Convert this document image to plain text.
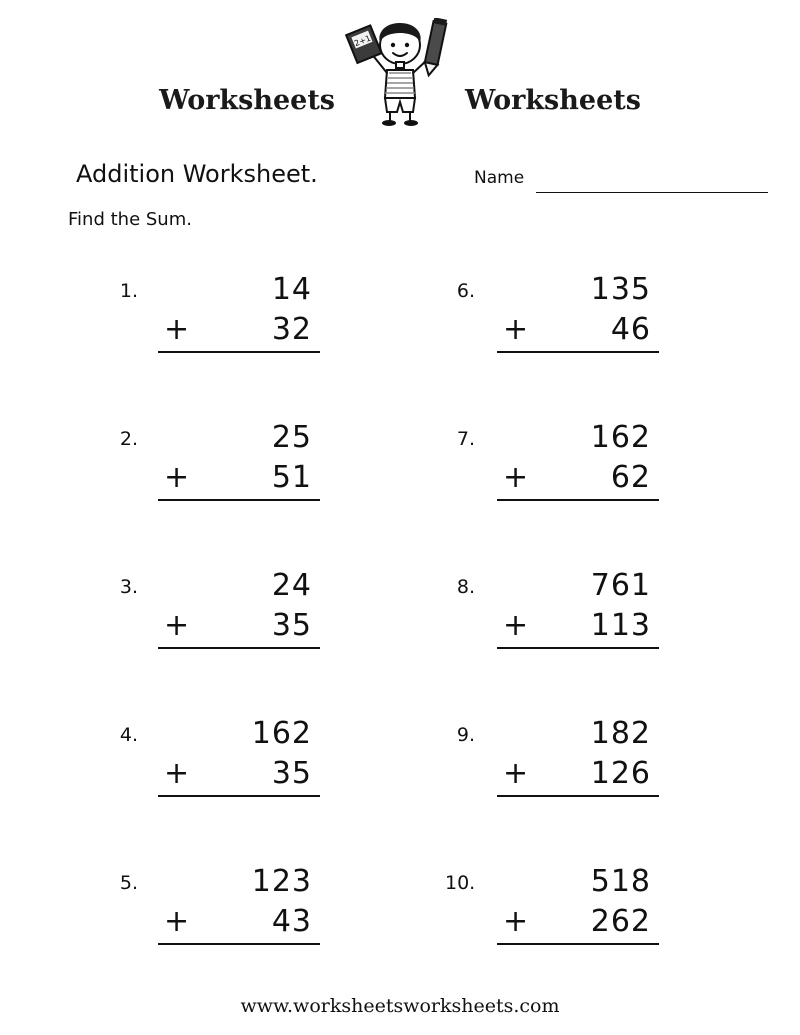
Worksheets
2+1
Worksheets
Addition Worksheet.	Name
Find the Sum.
1.	14
+	32
6.	135
+	46
2.	25
+	51
7.	162
+	62
3.	24
+	35
8.	761
+ 113
4.	162
+	35
9.	182
+ 126
5.	123
+	43
10.	518
+ 262
www.worksheetsworksheets.com
